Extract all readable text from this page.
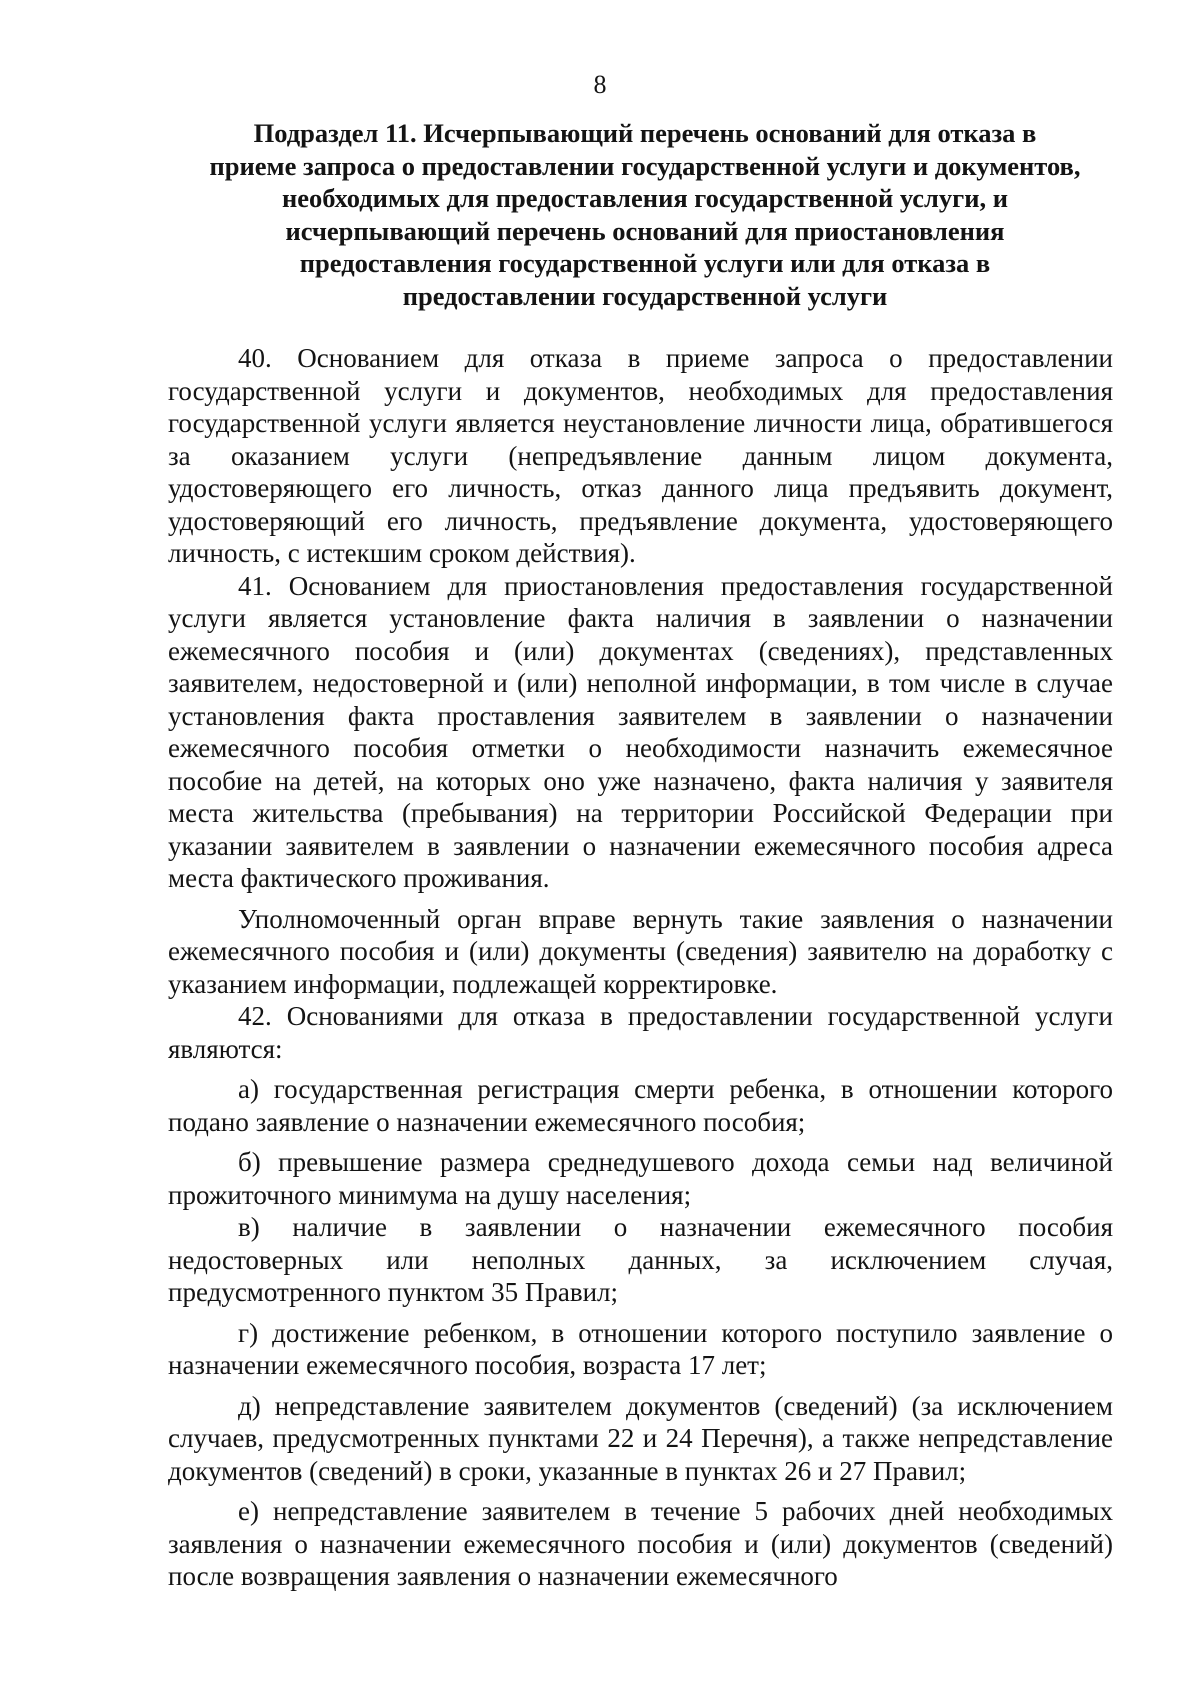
8
Подраздел 11. Исчерпывающий перечень оснований для отказа в
приеме запроса о предоставлении государственной услуги и документов,
необходимых для предоставления государственной услуги, и
исчерпывающий перечень оснований для приостановления
предоставления государственной услуги или для отказа в
предоставлении государственной услуги

40. Основанием для отказа в приеме запроса о предоставлении государственной услуги и документов, необходимых для предоставления государственной услуги является неустановление личности лица, обратившегося за оказанием услуги (непредъявление данным лицом документа, удостоверяющего его личность, отказ данного лица предъявить документ, удостоверяющий его личность, предъявление документа, удостоверяющего личность, с истекшим сроком действия).

41. Основанием для приостановления предоставления государственной услуги является установление факта наличия в заявлении о назначении ежемесячного пособия и (или) документах (сведениях), представленных заявителем, недостоверной и (или) неполной информации, в том числе в случае установления факта проставления заявителем в заявлении о назначении ежемесячного пособия отметки о необходимости назначить ежемесячное пособие на детей, на которых оно уже назначено, факта наличия у заявителя места жительства (пребывания) на территории Российской Федерации при указании заявителем в заявлении о назначении ежемесячного пособия адреса места фактического проживания.

Уполномоченный орган вправе вернуть такие заявления о назначении ежемесячного пособия и (или) документы (сведения) заявителю на доработку с указанием информации, подлежащей корректировке.

42. Основаниями для отказа в предоставлении государственной услуги являются:

а) государственная регистрация смерти ребенка, в отношении которого подано заявление о назначении ежемесячного пособия;

б) превышение размера среднедушевого дохода семьи над величиной прожиточного минимума на душу населения;

в) наличие в заявлении о назначении ежемесячного пособия недостоверных или неполных данных, за исключением случая, предусмотренного пунктом 35 Правил;

г) достижение ребенком, в отношении которого поступило заявление о назначении ежемесячного пособия, возраста 17 лет;

д) непредставление заявителем документов (сведений) (за исключением случаев, предусмотренных пунктами 22 и 24 Перечня), а также непредставление документов (сведений) в сроки, указанные в пунктах 26 и 27 Правил;

е) непредставление заявителем в течение 5 рабочих дней необходимых заявления о назначении ежемесячного пособия и (или) документов (сведений) после возвращения заявления о назначении ежемесячного
